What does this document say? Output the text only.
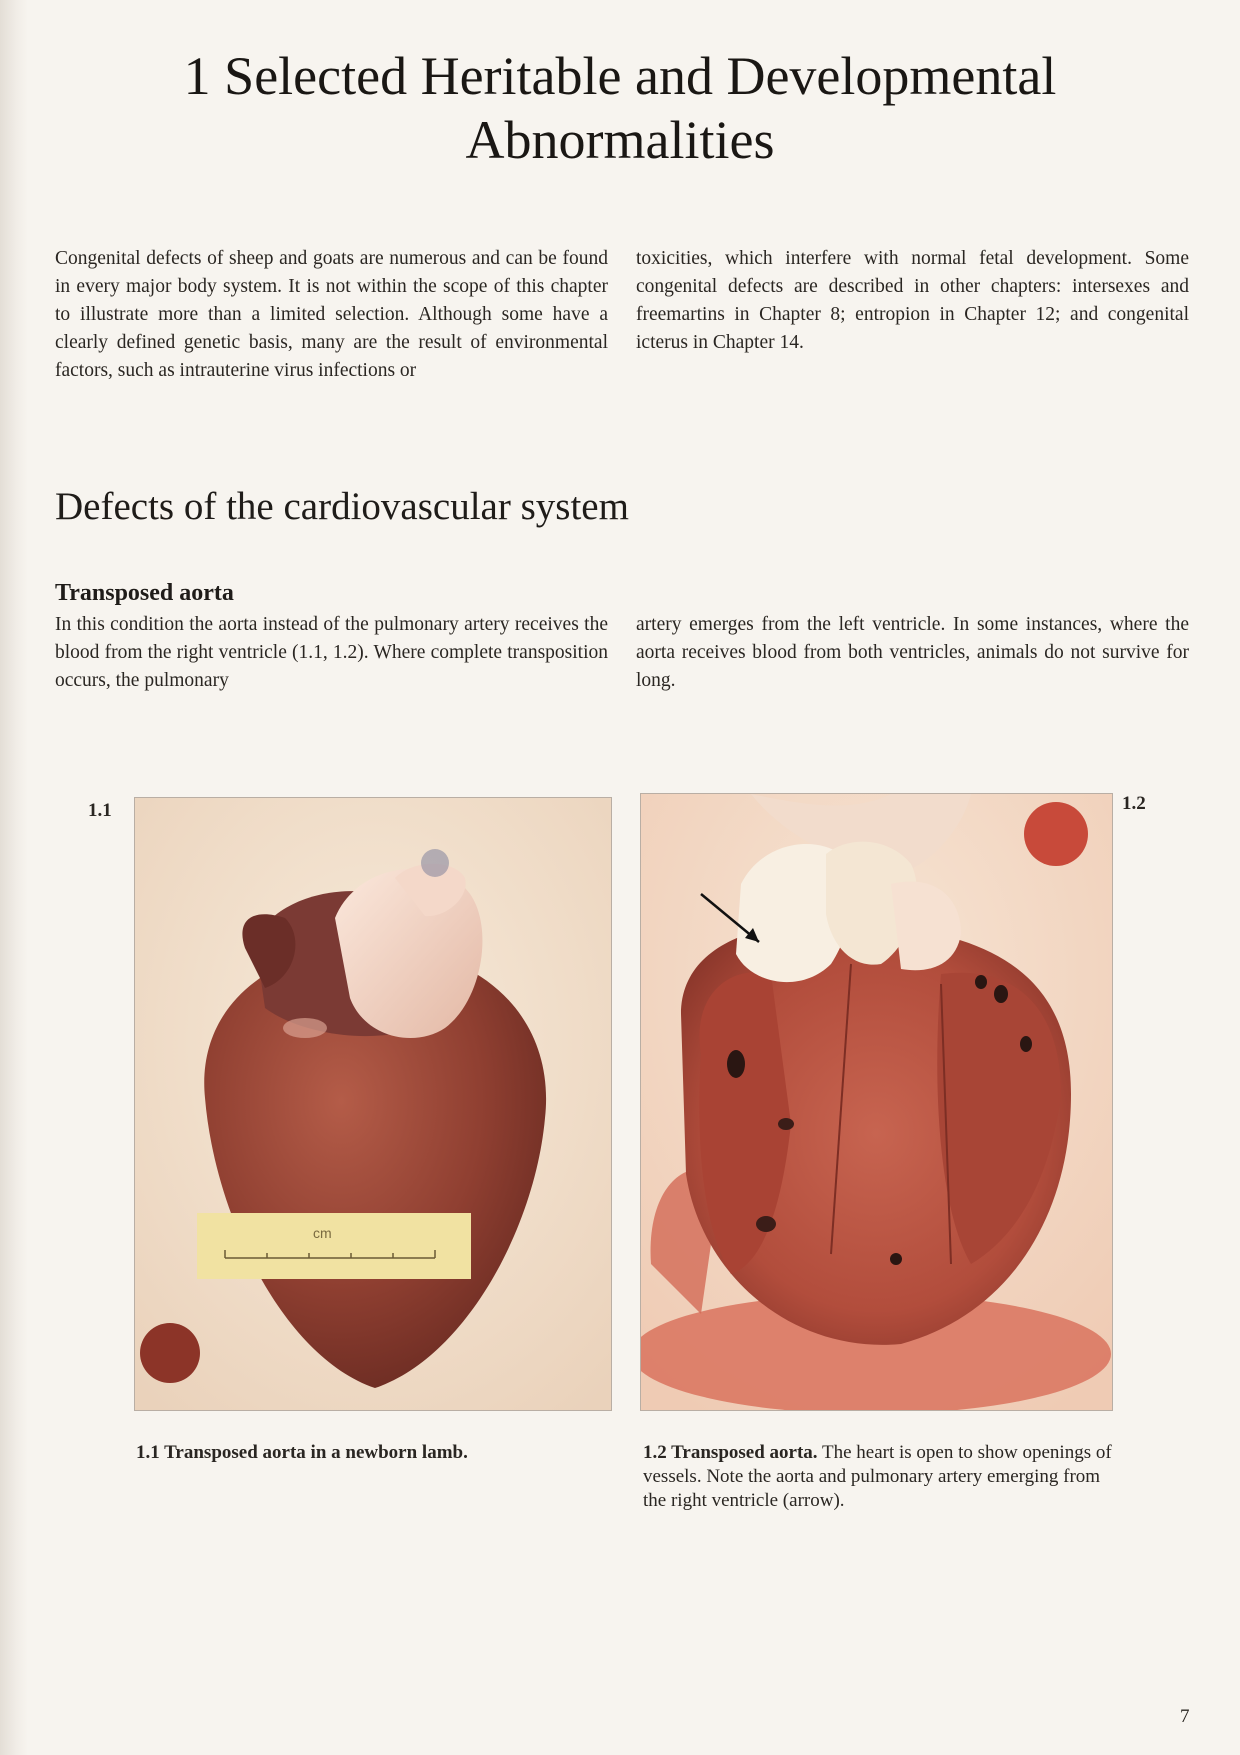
1 Selected Heritable and Developmental Abnormalities

Congenital defects of sheep and goats are numerous and can be found in every major body system. It is not within the scope of this chapter to illustrate more than a limited selection. Although some have a clearly defined genetic basis, many are the result of environmental factors, such as intrauterine virus infections or

toxicities, which interfere with normal fetal development. Some congenital defects are described in other chapters: intersexes and freemartins in Chapter 8; entropion in Chapter 12; and congenital icterus in Chapter 14.

Defects of the cardiovascular system
Transposed aorta

In this condition the aorta instead of the pulmonary artery receives the blood from the right ventricle (1.1, 1.2). Where complete transposition occurs, the pulmonary

artery emerges from the left ventricle. In some instances, where the aorta receives blood from both ventricles, animals do not survive for long.

1.1
cm

1.1 Transposed aorta in a newborn lamb.

1.2

1.2 Transposed aorta. The heart is open to show openings of vessels. Note the aorta and pulmonary artery emerging from the right ventricle (arrow).

7
